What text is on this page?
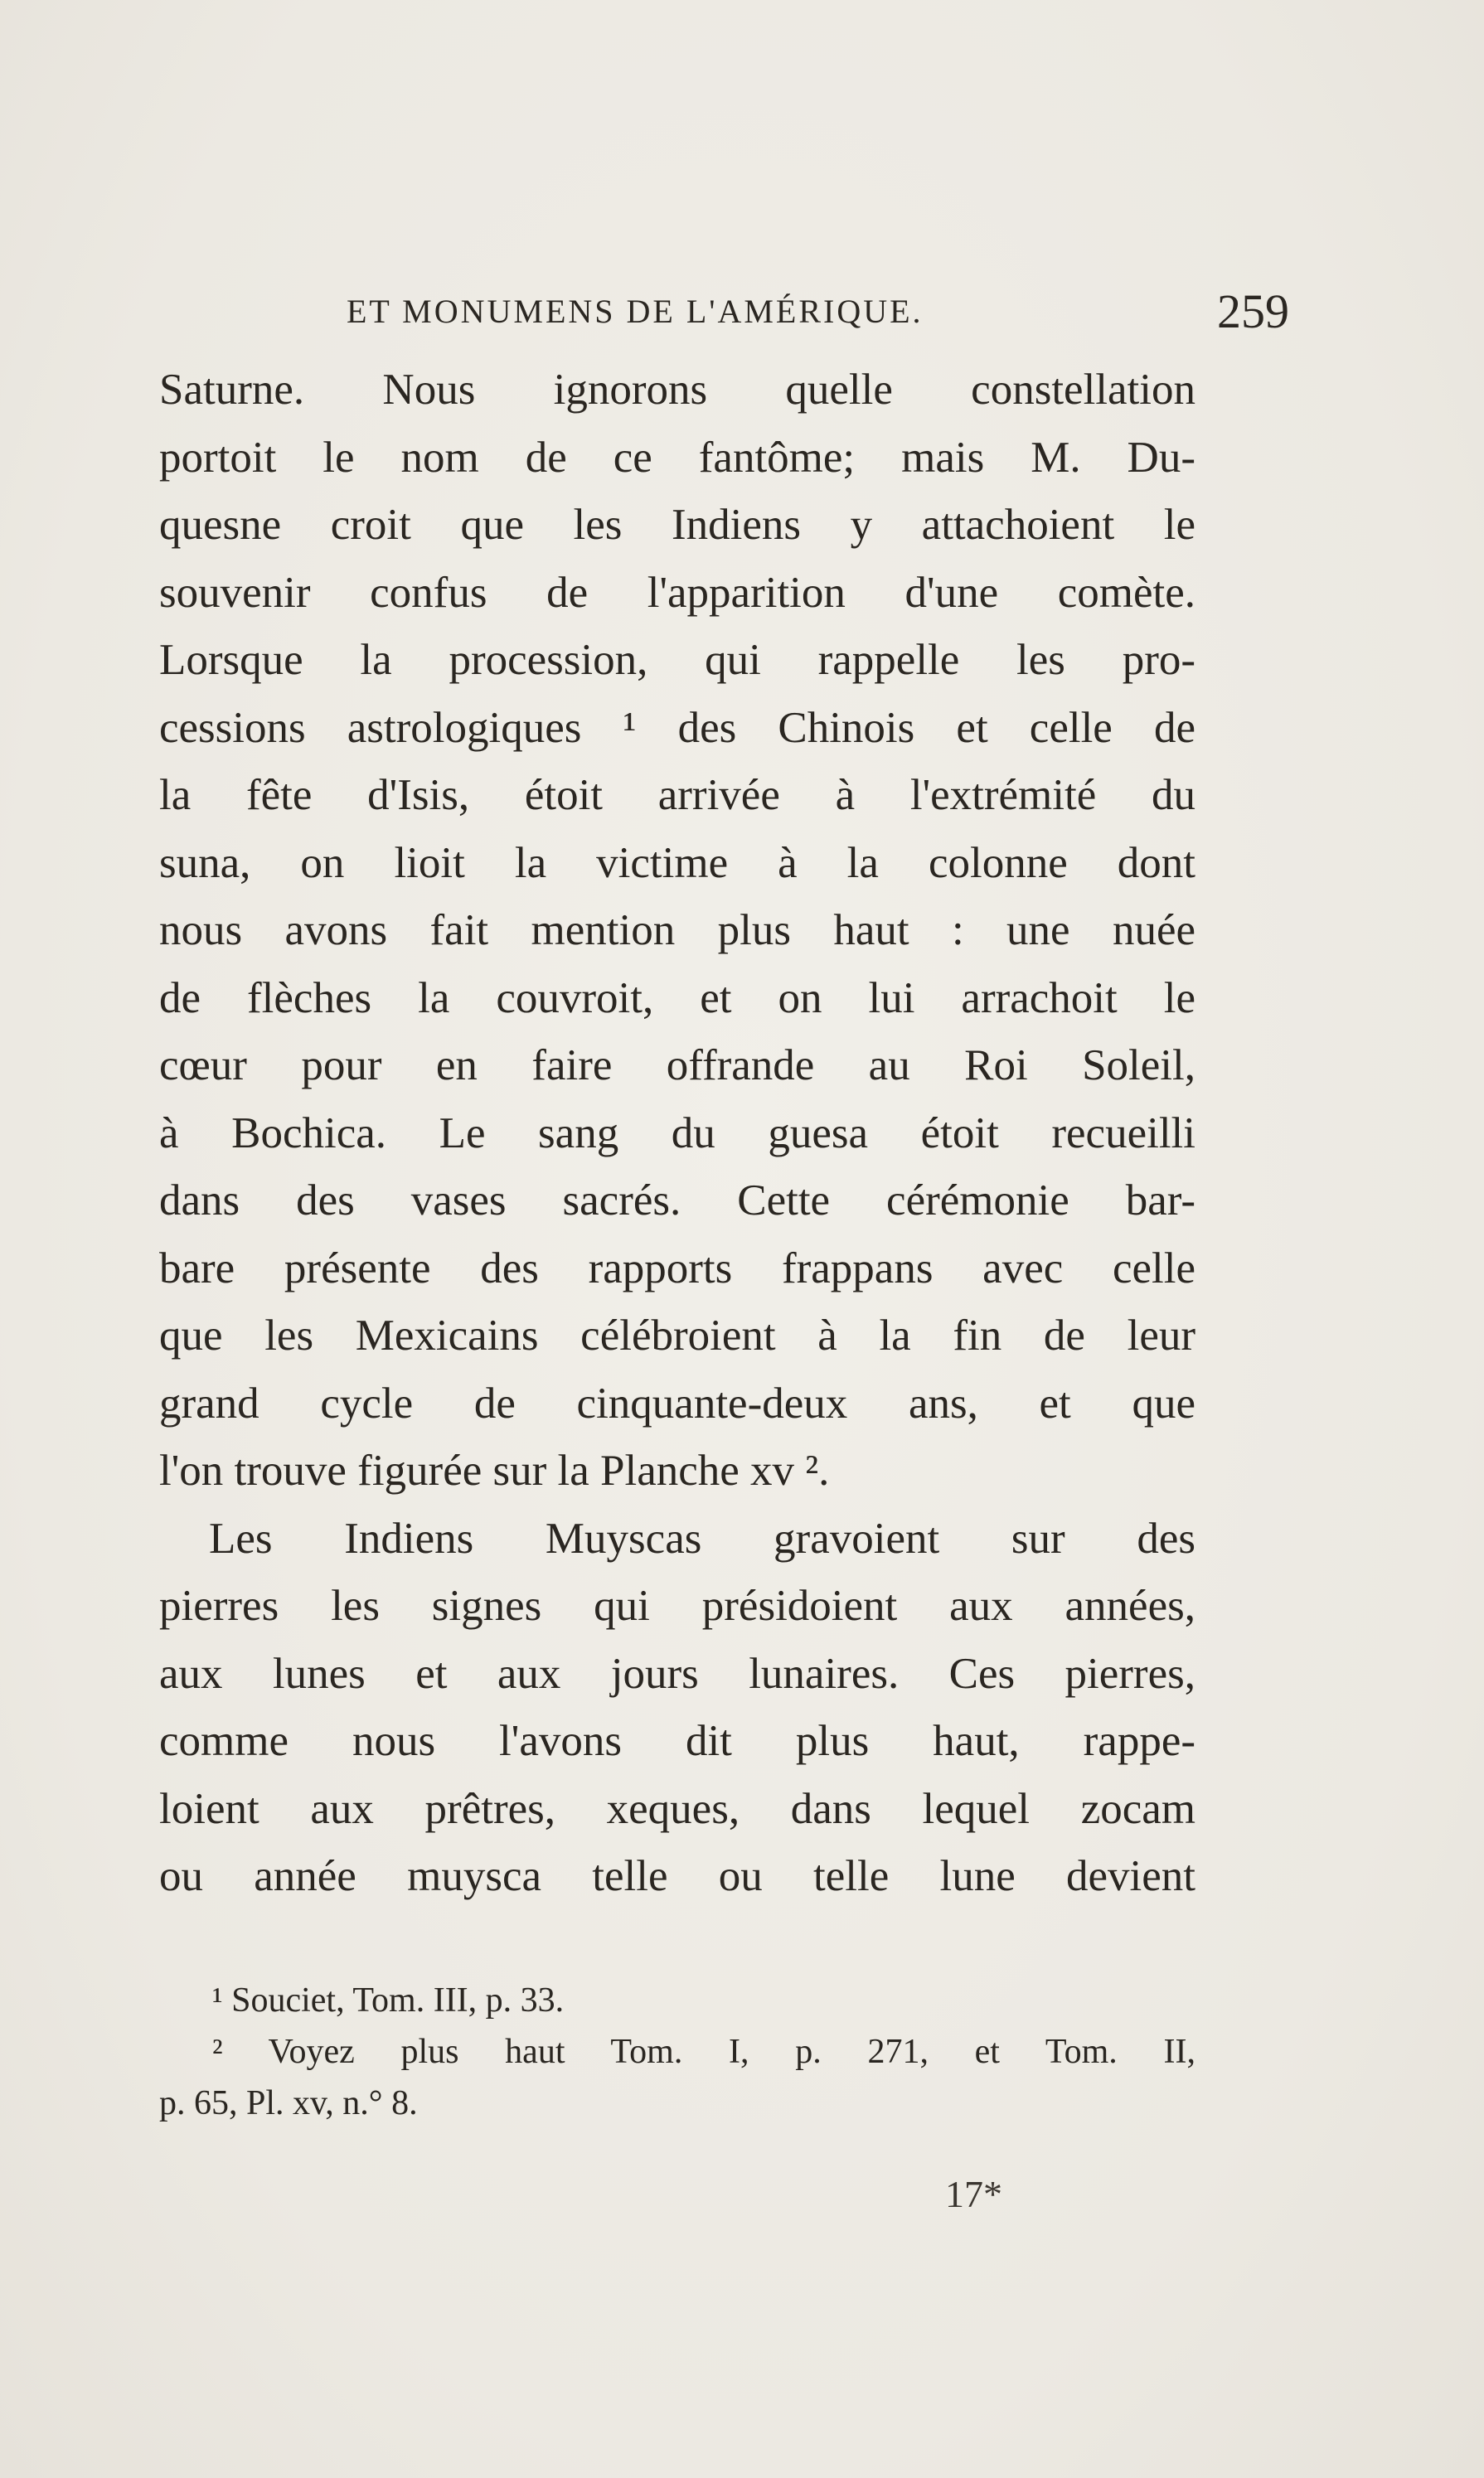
ET MONUMENS DE L'AMÉRIQUE.	259
Saturne. Nous ignorons quelle constellation
portoit le nom de ce fantôme; mais M. Du-
quesne croit que les Indiens y attachoient le
souvenir confus de l'apparition d'une comète.
Lorsque la procession, qui rappelle les pro-
cessions astrologiques ¹ des Chinois et celle de
la fête d'Isis, étoit arrivée à l'extrémité du
suna, on lioit la victime à la colonne dont
nous avons fait mention plus haut : une nuée
de flèches la couvroit, et on lui arrachoit le
cœur pour en faire offrande au Roi Soleil,
à Bochica. Le sang du guesa étoit recueilli
dans des vases sacrés. Cette cérémonie bar-
bare présente des rapports frappans avec celle
que les Mexicains célébroient à la fin de leur
grand cycle de cinquante-deux ans, et que
l'on trouve figurée sur la Planche xv ².
Les Indiens Muyscas gravoient sur des
pierres les signes qui présidoient aux années,
aux lunes et aux jours lunaires. Ces pierres,
comme nous l'avons dit plus haut, rappe-
loient aux prêtres, xeques, dans lequel zocam
ou année muysca telle ou telle lune devient
¹ Souciet, Tom. III, p. 33.
² Voyez plus haut Tom. I, p. 271, et Tom. II,
p. 65, Pl. xv, n.° 8.
17*
